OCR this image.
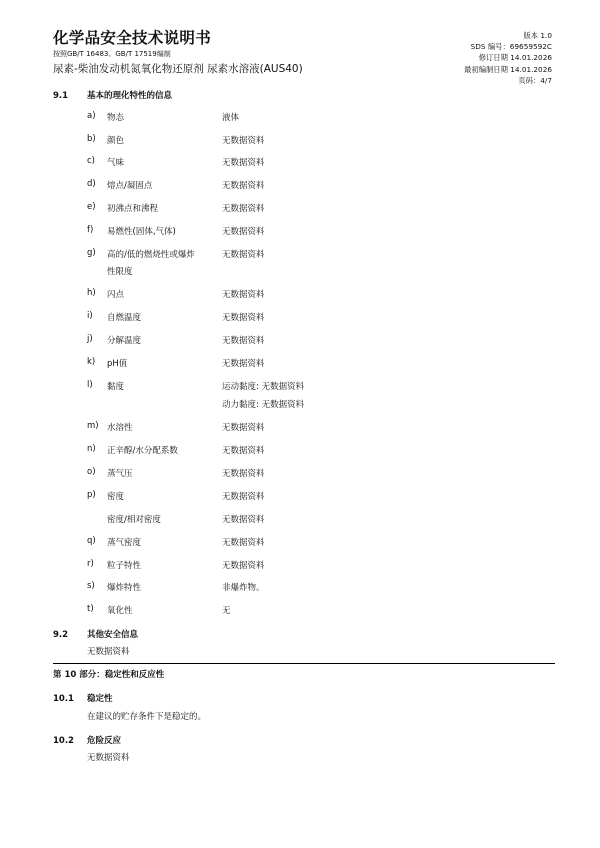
化学品安全技术说明书
按照GB/T 16483、GB/T 17519编制
尿素-柴油发动机氮氧化物还原剂 尿素水溶液(AUS40)
版本 1.0
SDS 编号：69659592C
修订日期 14.01.2026
最初编制日期 14.01.2026
页码：4/7
9.1 基本的理化特性的信息
a) 物态	液体
b) 颜色	无数据资料
c) 气味	无数据资料
d) 熔点/凝固点	无数据资料
e) 初沸点和沸程	无数据资料
f) 易燃性(固体,气体)	无数据资料
g) 高的/低的燃烧性或爆炸	无数据资料
性限度
h) 闪点	无数据资料
i) 自燃温度	无数据资料
j) 分解温度	无数据资料
k) pH值	无数据资料
l) 黏度	运动黏度: 无数据资料
动力黏度: 无数据资料
m) 水溶性	无数据资料
n) 正辛醇/水分配系数	无数据资料
o) 蒸气压	无数据资料
p) 密度	无数据资料
密度/相对密度	无数据资料
q) 蒸气密度	无数据资料
r) 粒子特性	无数据资料
s) 爆炸特性	非爆炸物。
t) 氧化性	无
9.2 其他安全信息
无数据资料
第 10 部分：稳定性和反应性
10.1 稳定性
在建议的贮存条件下是稳定的。
10.2 危险反应
无数据资料
